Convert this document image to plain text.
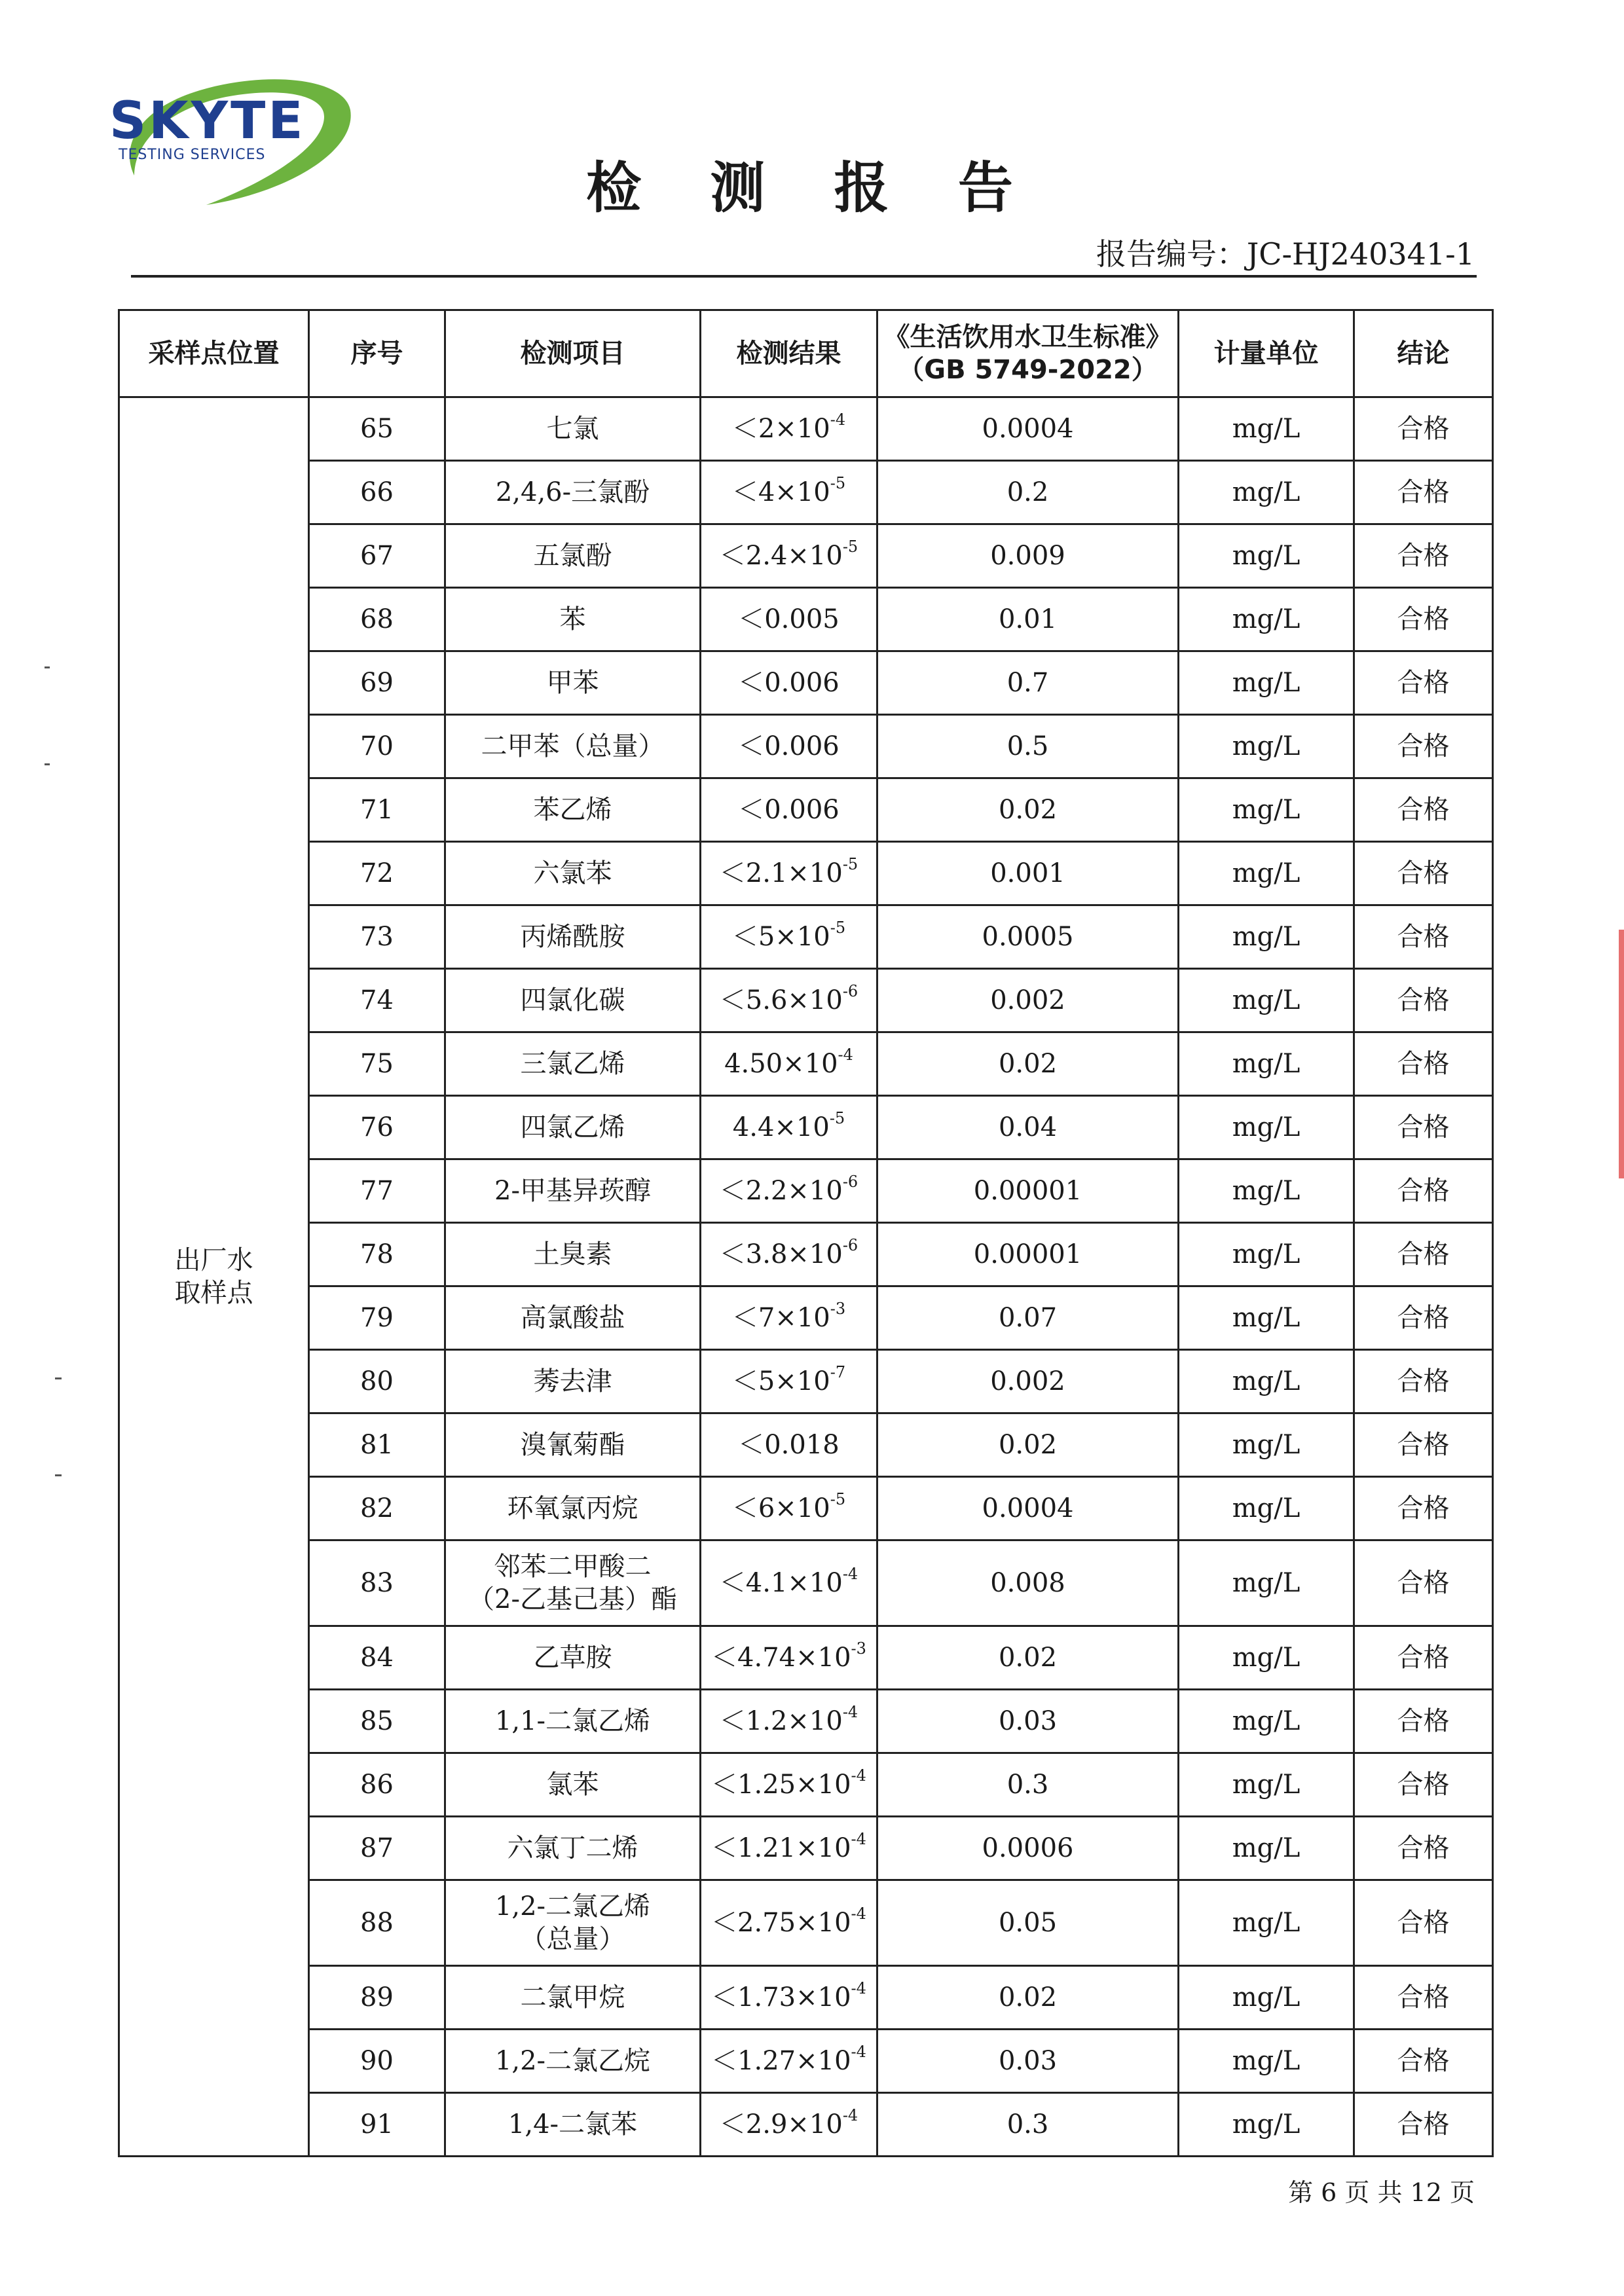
SKYTE
TESTING SERVICES
检 测 报 告
报告编号：JC-HJ240341-1
采样点位置	序号	检测项目	检测结果	《生活饮用水卫生标准》
（GB 5749-2022）	计量单位	结论

出厂水
取样点	65	七氯	$<2\times 10^{-4}$	0.0004	mg/L	合格
	66	2,4,6-三氯酚	$<4\times 10^{-5}$	0.2	mg/L	合格
	67	五氯酚	$<2.4\times 10^{-5}$	0.009	mg/L	合格
	68	苯	＜0.005	0.01	mg/L	合格
	69	甲苯	＜0.006	0.7	mg/L	合格
	70	二甲苯（总量）	＜0.006	0.5	mg/L	合格
	71	苯乙烯	＜0.006	0.02	mg/L	合格
	72	六氯苯	$<2.1\times 10^{-5}$	0.001	mg/L	合格
	73	丙烯酰胺	$<5\times 10^{-5}$	0.0005	mg/L	合格
	74	四氯化碳	$<5.6\times 10^{-6}$	0.002	mg/L	合格
	75	三氯乙烯	$4.50\times 10^{-4}$	0.02	mg/L	合格
	76	四氯乙烯	$4.4\times 10^{-5}$	0.04	mg/L	合格
	77	2-甲基异莰醇	$<2.2\times 10^{-6}$	0.00001	mg/L	合格
	78	土臭素	$<3.8\times 10^{-6}$	0.00001	mg/L	合格
	79	高氯酸盐	$<7\times 10^{-3}$	0.07	mg/L	合格
	80	莠去津	$<5\times 10^{-7}$	0.002	mg/L	合格
	81	溴氰菊酯	＜0.018	0.02	mg/L	合格
	82	环氧氯丙烷	$<6\times 10^{-5}$	0.0004	mg/L	合格
	83	邻苯二甲酸二
（2-乙基己基）酯	$<4.1\times 10^{-4}$	0.008	mg/L	合格
	84	乙草胺	$<4.74\times 10^{-3}$	0.02	mg/L	合格
	85	1,1-二氯乙烯	$<1.2\times 10^{-4}$	0.03	mg/L	合格
	86	氯苯	$<1.25\times 10^{-4}$	0.3	mg/L	合格
	87	六氯丁二烯	$<1.21\times 10^{-4}$	0.0006	mg/L	合格
	88	1,2-二氯乙烯
（总量）	$<2.75\times 10^{-4}$	0.05	mg/L	合格
	89	二氯甲烷	$<1.73\times 10^{-4}$	0.02	mg/L	合格
	90	1,2-二氯乙烷	$<1.27\times 10^{-4}$	0.03	mg/L	合格
	91	1,4-二氯苯	$<2.9\times 10^{-4}$	0.3	mg/L	合格
第 6 页 共 12 页
